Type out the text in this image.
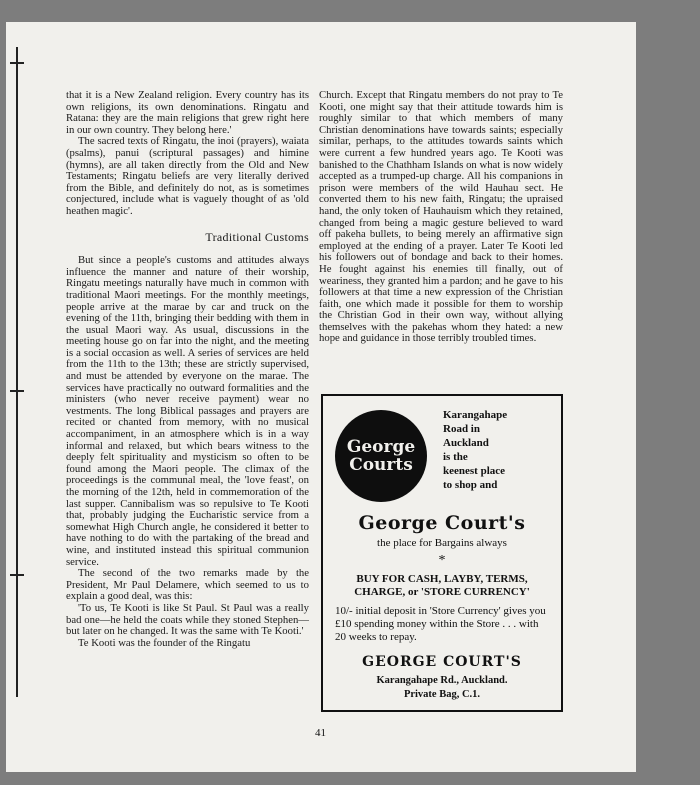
that it is a New Zealand religion. Every country has its own religions, its own denominations. Ringatu and Ratana: they are the main religions that grew right here in our own country. They belong here.'

The sacred texts of Ringatu, the inoi (prayers), waiata (psalms), panui (scriptural passages) and himine (hymns), are all taken directly from the Old and New Testaments; Ringatu beliefs are very literally derived from the Bible, and definitely do not, as is sometimes conjectured, include what is vaguely thought of as 'old heathen magic'.

Traditional Customs

But since a people's customs and attitudes always influence the manner and nature of their worship, Ringatu meetings naturally have much in common with traditional Maori meetings. For the monthly meetings, people arrive at the marae by car and truck on the evening of the 11th, bringing their bedding with them in the usual Maori way. As usual, discussions in the meeting house go on far into the night, and the meeting is a social occasion as well. A series of services are held from the 11th to the 13th; these are strictly supervised, and must be attended by everyone on the marae. The services have practically no outward formalities and the ministers (who never receive payment) wear no vestments. The long Biblical passages and prayers are recited or chanted from memory, with no musical accompaniment, in an atmosphere which is in a way informal and relaxed, but which bears witness to the deeply felt spirituality and mysticism so often to be found among the Maori people. The climax of the proceedings is the communal meal, the 'love feast', on the morning of the 12th, held in commemoration of the last supper. Cannibalism was so repulsive to Te Kooti that, probably judging the Eucharistic service from a somewhat High Church angle, he considered it better to have nothing to do with the partaking of the bread and wine, and instituted instead this spiritual communion service.

The second of the two remarks made by the President, Mr Paul Delamere, which seemed to us to explain a good deal, was this:

'To us, Te Kooti is like St Paul. St Paul was a really bad one—he held the coats while they stoned Stephen—but later on he changed. It was the same with Te Kooti.'

Te Kooti was the founder of the Ringatu

Church. Except that Ringatu members do not pray to Te Kooti, one might say that their attitude towards him is roughly similar to that which members of many Christian denominations have towards saints; especially similar, perhaps, to the attitudes towards saints which were current a few hundred years ago. Te Kooti was banished to the Chathham Islands on what is now widely accepted as a trumped-up charge. All his companions in prison were members of the wild Hauhau sect. He converted them to his new faith, Ringatu; the upraised hand, the only token of Hauhauism which they retained, changed from being a magic gesture believed to ward off pakeha bullets, to being merely an affirmative sign employed at the ending of a prayer. Later Te Kooti led his followers out of bondage and back to their homes. He fought against his enemies till finally, out of weariness, they granted him a pardon; and he gave to his followers at that time a new expression of the Christian faith, one which made it possible for them to worship the Christian God in their own way, without allying themselves with the pakehas whom they hated: a new hope and guidance in those terribly troubled times.

George
Courts
Karangahape
Road in
Auckland
is the
keenest place
to shop and
George Court's
the place for Bargains always
*
BUY FOR CASH, LAYBY, TERMS,
CHARGE, or 'STORE CURRENCY'
10/- initial deposit in 'Store Currency' gives you £10 spending money within the Store . . . with 20 weeks to repay.
GEORGE COURT'S
Karangahape Rd., Auckland.
Private Bag, C.1.
41
